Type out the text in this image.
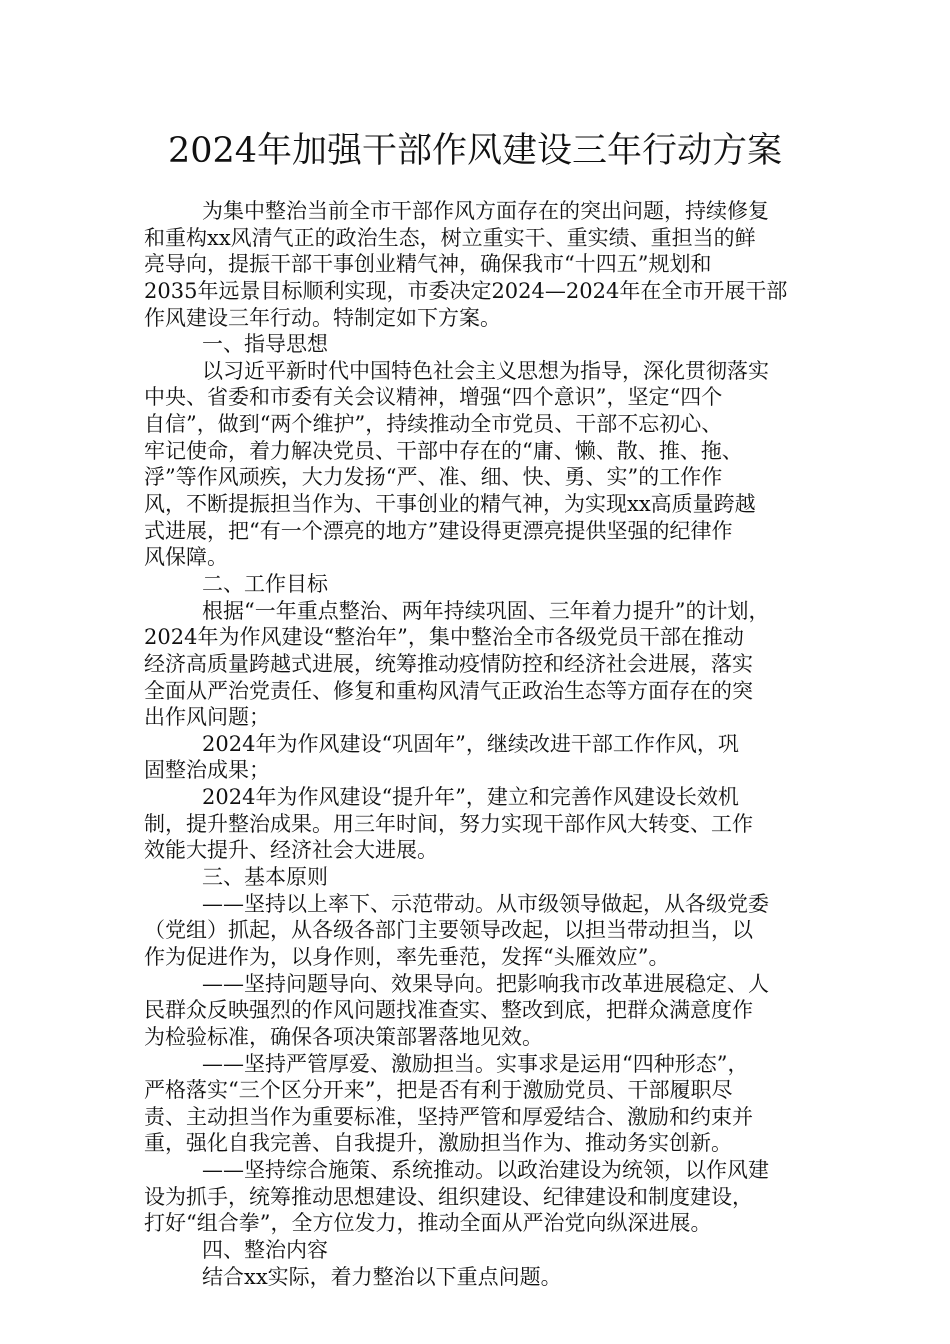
2024年加强干部作风建设三年行动方案
为集中整治当前全市干部作风方面存在的突出问题，持续修复
和重构xx风清气正的政治生态，树立重实干、重实绩、重担当的鲜
亮导向，提振干部干事创业精气神，确保我市“十四五”规划和
2035年远景目标顺利实现，市委决定2024—2024年在全市开展干部
作风建设三年行动。特制定如下方案。
一、指导思想
以习近平新时代中国特色社会主义思想为指导，深化贯彻落实
中央、省委和市委有关会议精神，增强“四个意识”，坚定“四个
自信”，做到“两个维护”，持续推动全市党员、干部不忘初心、
牢记使命，着力解决党员、干部中存在的“庸、懒、散、推、拖、
浮”等作风顽疾，大力发扬“严、准、细、快、勇、实”的工作作
风，不断提振担当作为、干事创业的精气神，为实现xx高质量跨越
式进展，把“有一个漂亮的地方”建设得更漂亮提供坚强的纪律作
风保障。
二、工作目标
根据“一年重点整治、两年持续巩固、三年着力提升”的计划，
2024年为作风建设“整治年”，集中整治全市各级党员干部在推动
经济高质量跨越式进展，统筹推动疫情防控和经济社会进展，落实
全面从严治党责任、修复和重构风清气正政治生态等方面存在的突
出作风问题；
2024年为作风建设“巩固年”，继续改进干部工作作风，巩
固整治成果；
2024年为作风建设“提升年”，建立和完善作风建设长效机
制，提升整治成果。用三年时间，努力实现干部作风大转变、工作
效能大提升、经济社会大进展。
三、基本原则
——坚持以上率下、示范带动。从市级领导做起，从各级党委
（党组）抓起，从各级各部门主要领导改起，以担当带动担当，以
作为促进作为，以身作则，率先垂范，发挥“头雁效应”。
——坚持问题导向、效果导向。把影响我市改革进展稳定、人
民群众反映强烈的作风问题找准查实、整改到底，把群众满意度作
为检验标准，确保各项决策部署落地见效。
——坚持严管厚爱、激励担当。实事求是运用“四种形态”，
严格落实“三个区分开来”，把是否有利于激励党员、干部履职尽
责、主动担当作为重要标准，坚持严管和厚爱结合、激励和约束并
重，强化自我完善、自我提升，激励担当作为、推动务实创新。
——坚持综合施策、系统推动。以政治建设为统领，以作风建
设为抓手，统筹推动思想建设、组织建设、纪律建设和制度建设，
打好“组合拳”，全方位发力，推动全面从严治党向纵深进展。
四、整治内容
结合xx实际，着力整治以下重点问题。
